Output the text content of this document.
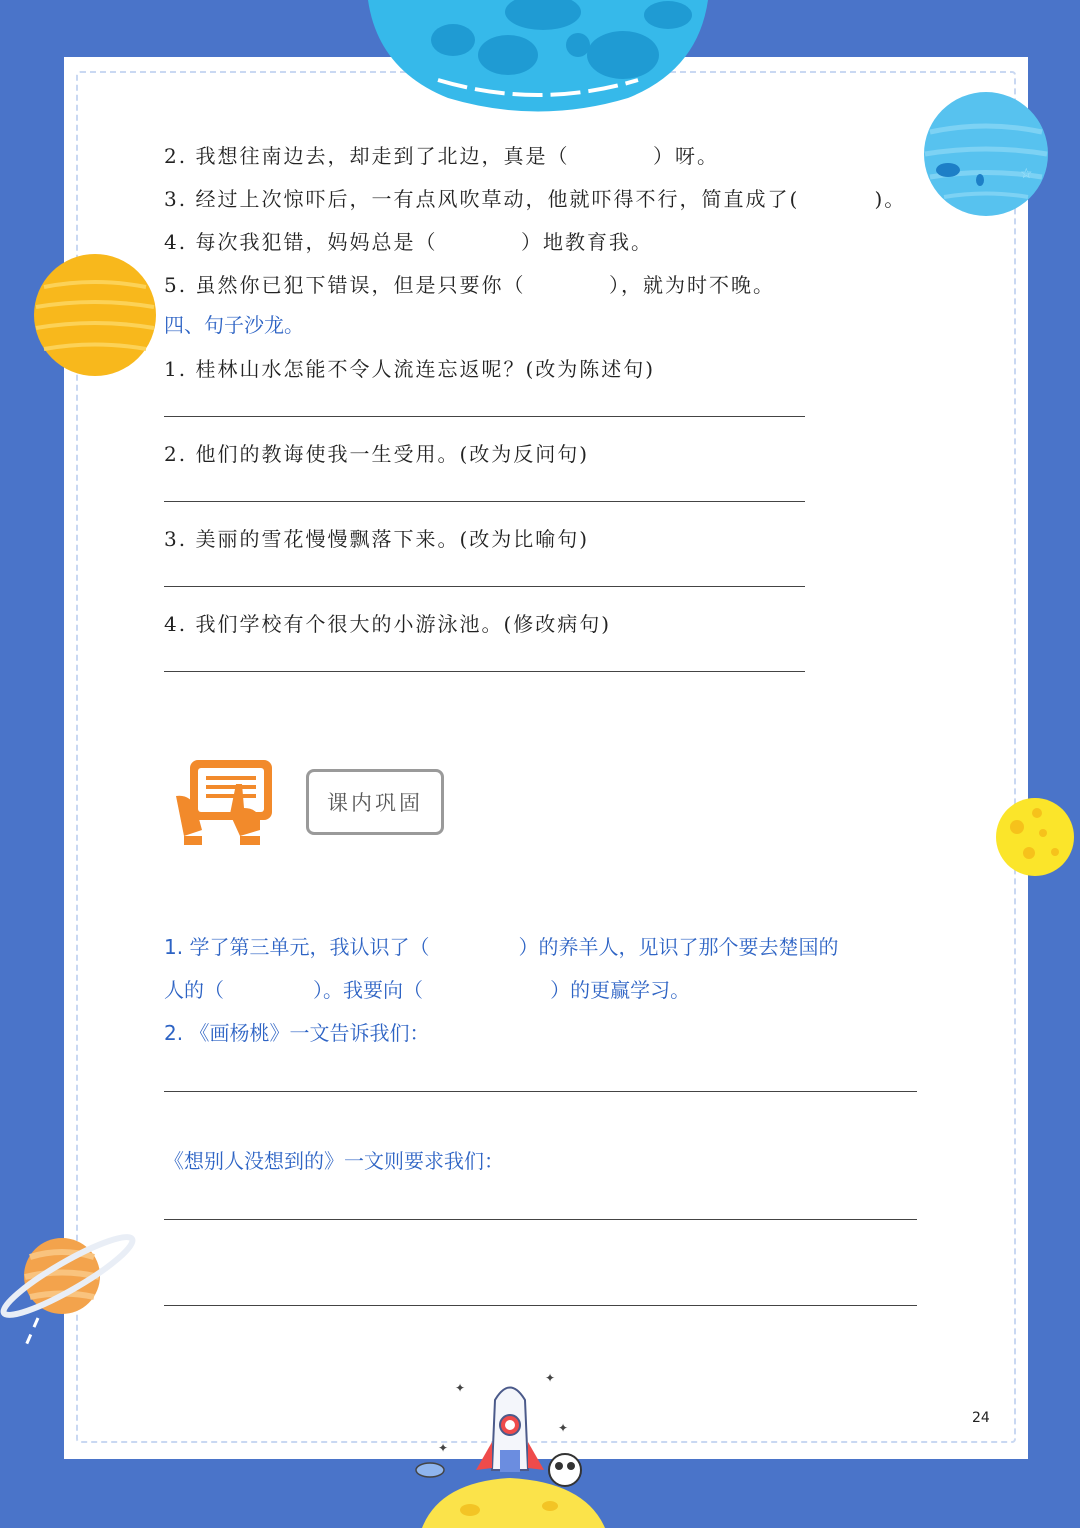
☆
✦
✦
✦
✦
2. 我想往南边去，却走到了北边，真是（          ）呀。
3. 经过上次惊吓后，一有点风吹草动，他就吓得不行，简直成了(         )。
4. 每次我犯错，妈妈总是（          ）地教育我。
5. 虽然你已犯下错误，但是只要你（          ），就为时不晚。
四、句子沙龙。
1. 桂林山水怎能不令人流连忘返呢？(改为陈述句)
2. 他们的教诲使我一生受用。(改为反问句)
3. 美丽的雪花慢慢飘落下来。(改为比喻句)
4. 我们学校有个很大的小游泳池。(修改病句)
课内巩固
1. 学了第三单元，我认识了（              ）的养羊人，见识了那个要去楚国的
人的（              ）。我要向（                    ）的更赢学习。
2. 《画杨桃》一文告诉我们：
《想别人没想到的》一文则要求我们：
24
